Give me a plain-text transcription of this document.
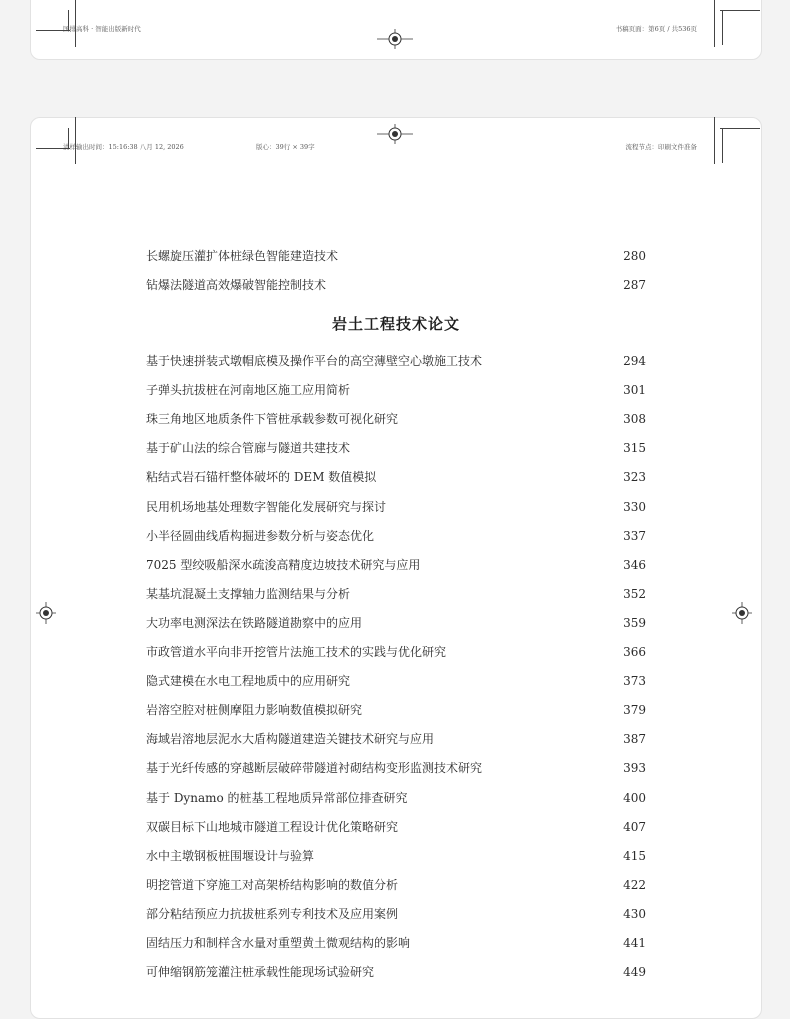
国排高科 · 智能出版新时代	书稿页面：第6页 / 共536页
清样输出时间：15:16:38 八月 12, 2026	版心：39行 × 39字	流程节点：印刷文件准备
长螺旋压灌扩体桩绿色智能建造技术	280
钻爆法隧道高效爆破智能控制技术	287
基于快速拼装式墩帽底模及操作平台的高空薄壁空心墩施工技术	294
子弹头抗拔桩在河南地区施工应用简析	301
珠三角地区地质条件下管桩承载参数可视化研究	308
基于矿山法的综合管廊与隧道共建技术	315
粘结式岩石锚杆整体破坏的 DEM 数值模拟	323
民用机场地基处理数字智能化发展研究与探讨	330
小半径圆曲线盾构掘进参数分析与姿态优化	337
7025 型绞吸船深水疏浚高精度边坡技术研究与应用	346
某基坑混凝土支撑轴力监测结果与分析	352
大功率电测深法在铁路隧道勘察中的应用	359
市政管道水平向非开挖管片法施工技术的实践与优化研究	366
隐式建模在水电工程地质中的应用研究	373
岩溶空腔对桩侧摩阻力影响数值模拟研究	379
海域岩溶地层泥水大盾构隧道建造关键技术研究与应用	387
基于光纤传感的穿越断层破碎带隧道衬砌结构变形监测技术研究	393
基于 Dynamo 的桩基工程地质异常部位排查研究	400
双碳目标下山地城市隧道工程设计优化策略研究	407
水中主墩钢板桩围堰设计与验算	415
明挖管道下穿施工对高架桥结构影响的数值分析	422
部分粘结预应力抗拔桩系列专利技术及应用案例	430
固结压力和制样含水量对重塑黄土微观结构的影响	441
可伸缩钢筋笼灌注桩承载性能现场试验研究	449
岩土工程技术论文
